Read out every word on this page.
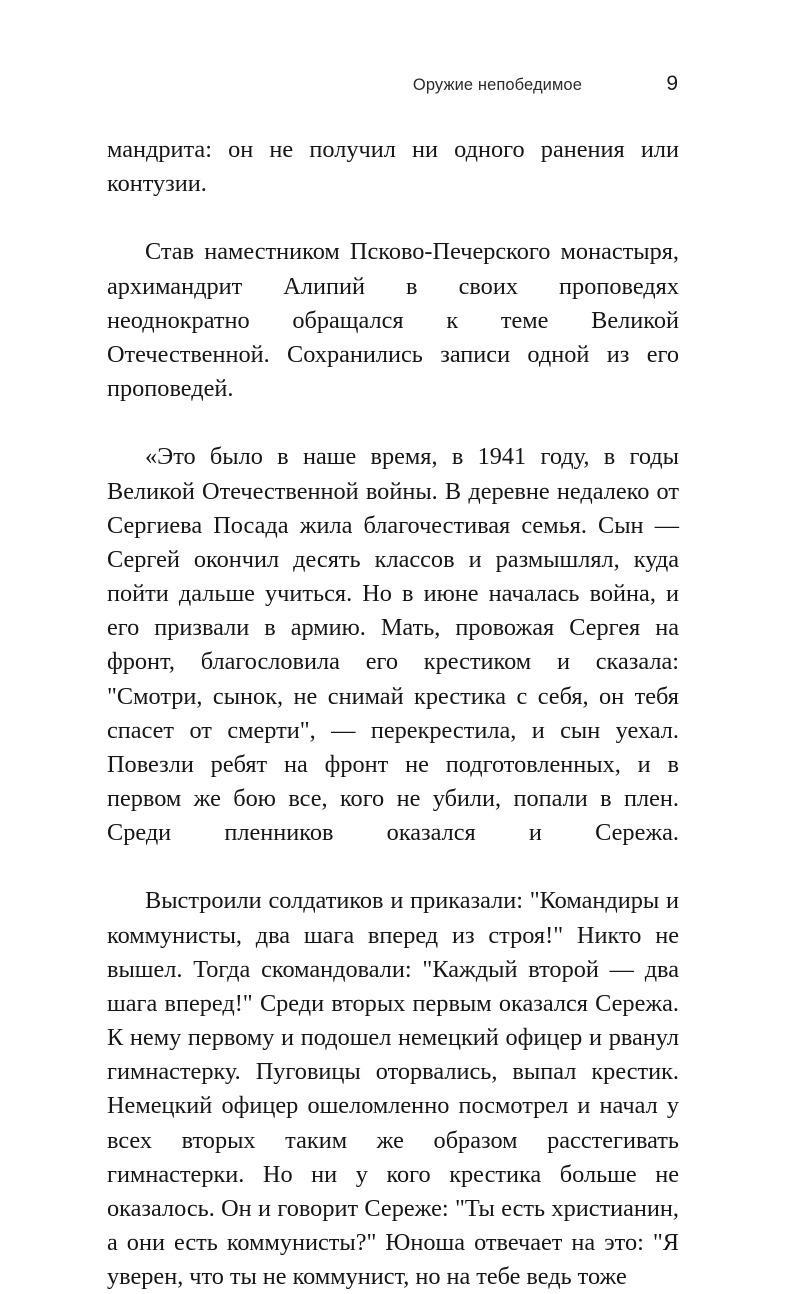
Оружие непобедимое	9

мандрита: он не получил ни одного ранения или контузии.

Став наместником Псково-Печерского монастыря, архимандрит Алипий в своих проповедях неоднократно обращался к теме Великой Отечественной. Сохранились записи одной из его проповедей.

«Это было в наше время, в 1941 году, в годы Великой Отечественной войны. В деревне недалеко от Сергиева Посада жила благочестивая семья. Сын — Сергей окончил десять классов и размышлял, куда пойти дальше учиться. Но в июне началась война, и его призвали в армию. Мать, провожая Сергея на фронт, благословила его крестиком и сказала: "Смотри, сынок, не снимай крестика с себя, он тебя спасет от смерти", — перекрестила, и сын уехал. Повезли ребят на фронт не подготовленных, и в первом же бою все, кого не убили, попали в плен. Среди пленников оказался и Сережа.

Выстроили солдатиков и приказали: "Командиры и коммунисты, два шага вперед из строя!" Никто не вышел. Тогда скомандовали: "Каждый второй — два шага вперед!" Среди вторых первым оказался Сережа. К нему первому и подошел немецкий офицер и рванул гимнастерку. Пуговицы оторвались, выпал крестик. Немецкий офицер ошеломленно посмотрел и начал у всех вторых таким же образом расстегивать гимнастерки. Но ни у кого крестика больше не оказалось. Он и говорит Сереже: "Ты есть христианин, а они есть коммунисты?" Юноша отвечает на это: "Я уверен, что ты не коммунист, но на тебе ведь тоже
